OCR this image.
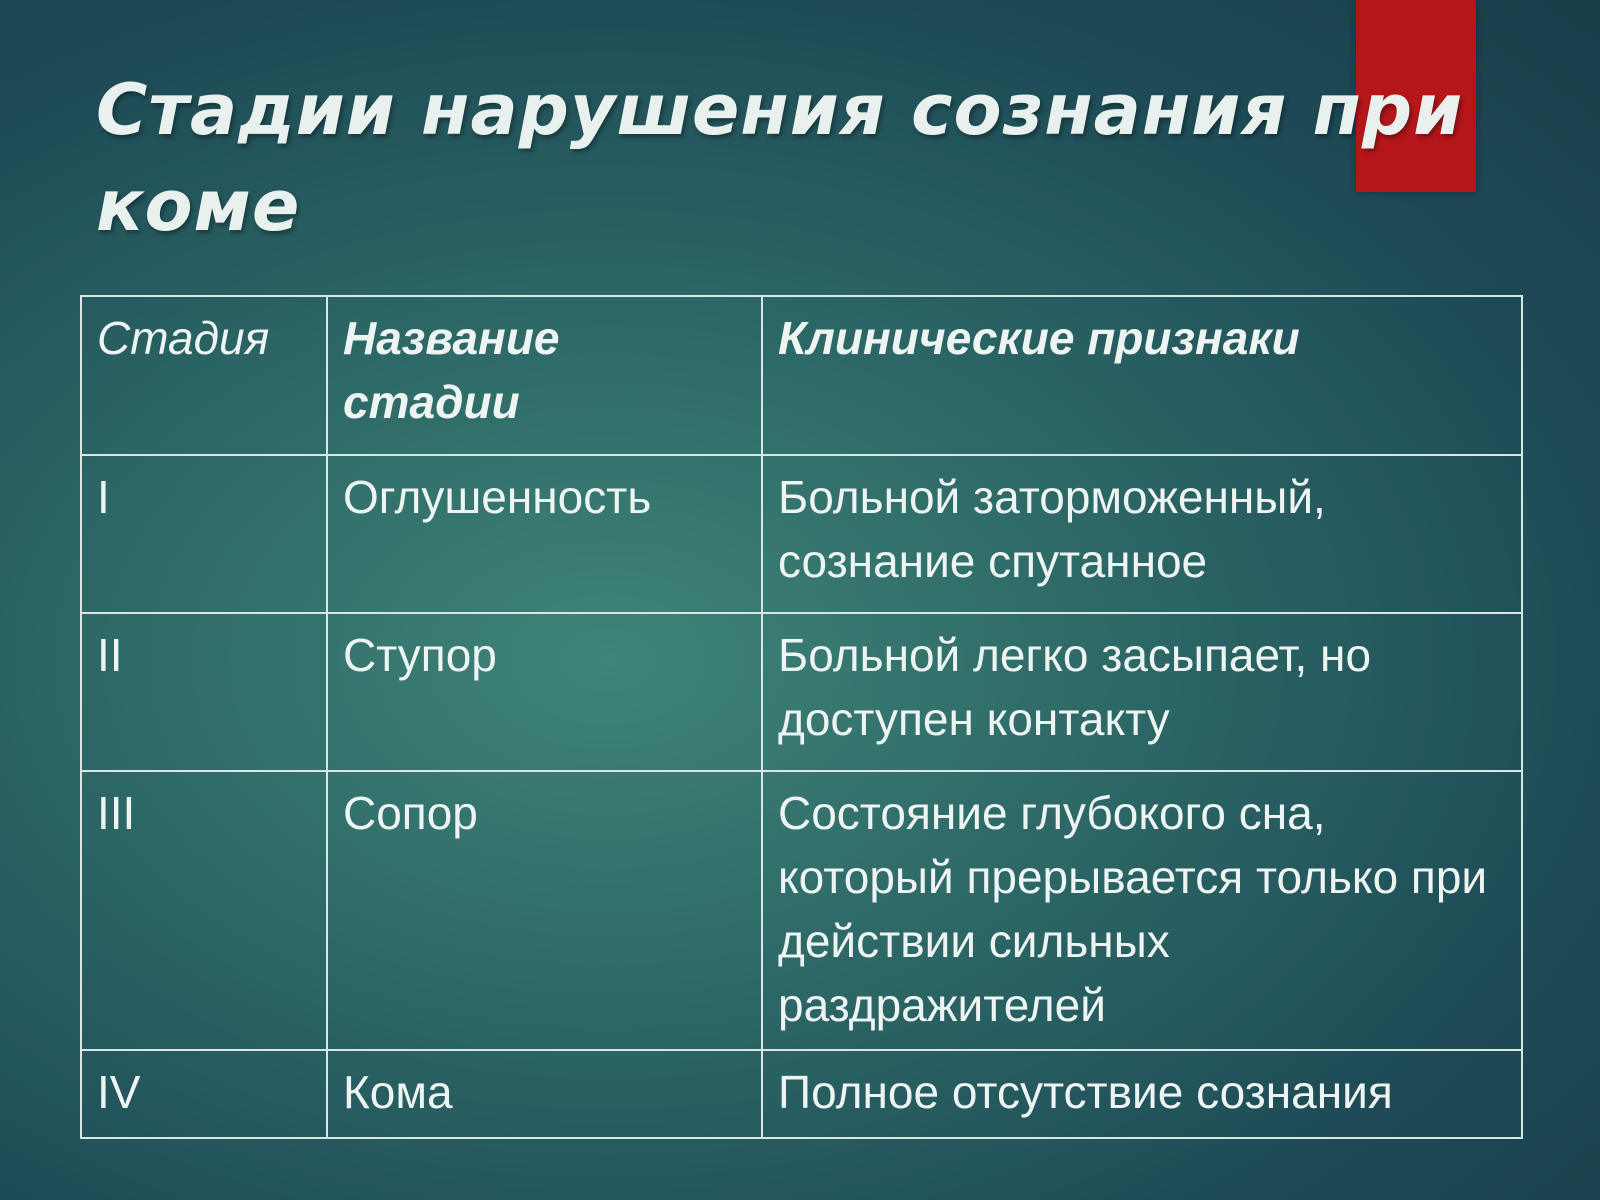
Стадии нарушения сознания при коме
Стадия	Название стадии	Клинические признаки
I	Оглушенность	Больной заторможенный, сознание спутанное
II	Ступор	Больной легко засыпает, но доступен контакту
III	Сопор	Состояние глубокого сна, который прерывается только при действии сильных раздражителей
IV	Кома	Полное отсутствие сознания
